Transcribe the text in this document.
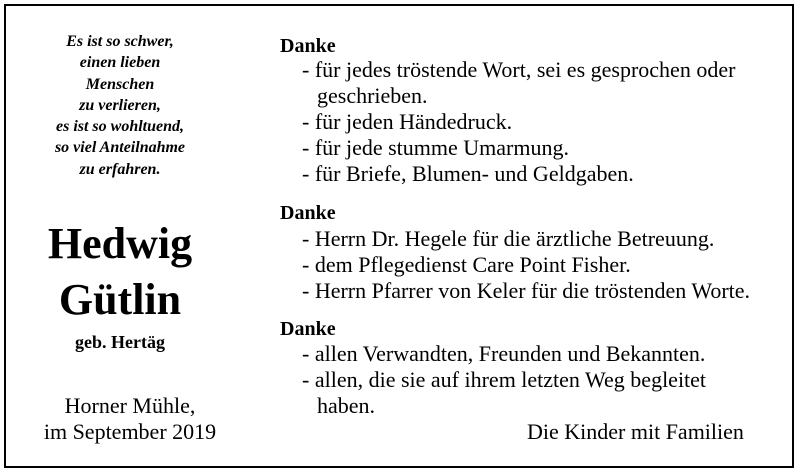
Es ist so schwer,
einen lieben
Menschen
zu verlieren,
es ist so wohltuend,
so viel Anteilnahme
zu erfahren.
Hedwig
Gütlin
geb. Hertäg
Horner Mühle,
im September 2019
Danke
- für jedes tröstende Wort, sei es gesprochen oder
geschrieben.
- für jeden Händedruck.
- für jede stumme Umarmung.
- für Briefe, Blumen- und Geldgaben.
Danke
- Herrn Dr. Hegele für die ärztliche Betreuung.
- dem Pflegedienst Care Point Fisher.
- Herrn Pfarrer von Keler für die tröstenden Worte.
Danke
- allen Verwandten, Freunden und Bekannten.
- allen, die sie auf ihrem letzten Weg begleitet
haben.
Die Kinder mit Familien
